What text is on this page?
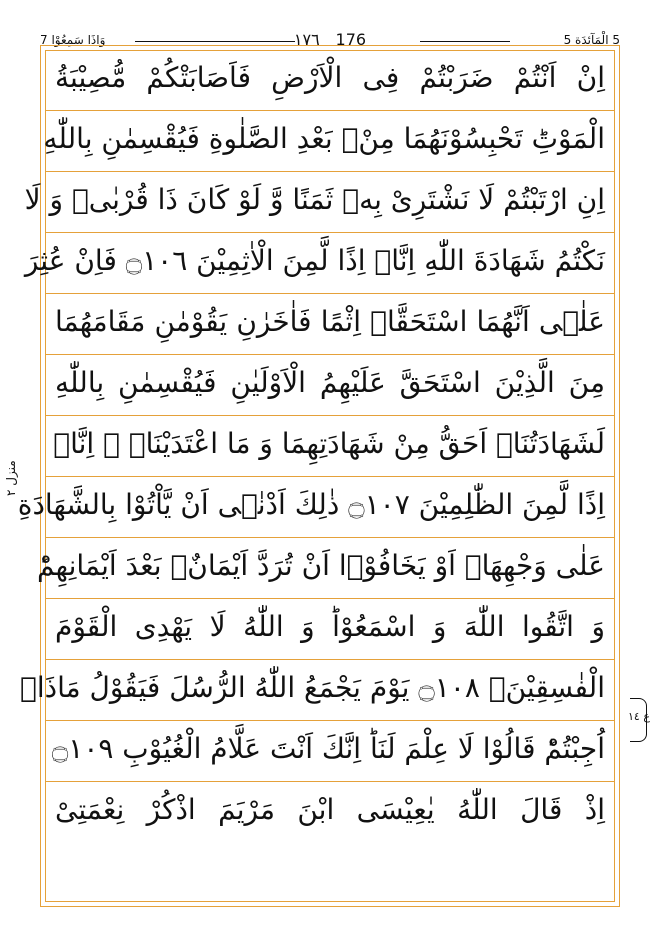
7 وَاِذَا سَمِعُوْا	١٧٦ 176	5 الْمَآئِدَة 5
اِنْ اَنْتُمْ ضَرَبْتُمْ فِی الْاَرْضِ فَاَصَابَتْكُمْ مُّصِیْبَةُ
الْمَوْتِؕ تَحْبِسُوْنَهُمَا مِنْۢ بَعْدِ الصَّلٰوةِ فَیُقْسِمٰنِ بِاللّٰهِ
اِنِ ارْتَبْتُمْ لَا نَشْتَرِیْ بِهٖ ثَمَنًا وَّ لَوْ كَانَ ذَا قُرْبٰىۙ وَ لَا
نَكْتُمُ شَهَادَةَ اللّٰهِ اِنَّاۤ اِذًا لَّمِنَ الْاٰثِمِیْنَ ۝١٠٦ فَاِنْ عُثِرَ
عَلٰۤى اَنَّهُمَا اسْتَحَقَّاۤ اِثْمًا فَاٰخَرٰنِ یَقُوْمٰنِ مَقَامَهُمَا
مِنَ الَّذِیْنَ اسْتَحَقَّ عَلَیْهِمُ الْاَوْلَیٰنِ فَیُقْسِمٰنِ بِاللّٰهِ
لَشَهَادَتُنَاۤ اَحَقُّ مِنْ شَهَادَتِهِمَا وَ مَا اعْتَدَیْنَاۤ ۖ اِنَّاۤ
اِذًا لَّمِنَ الظّٰلِمِیْنَ ۝١٠٧ ذٰلِكَ اَدْنٰۤى اَنْ یَّاْتُوْا بِالشَّهَادَةِ
عَلٰى وَجْهِهَاۤ اَوْ یَخَافُوْۤا اَنْ تُرَدَّ اَیْمَانٌۢ بَعْدَ اَیْمَانِهِمْؕ
وَ اتَّقُوا اللّٰهَ وَ اسْمَعُوْاؕ وَ اللّٰهُ لَا یَهْدِی الْقَوْمَ
الْفٰسِقِیْنَ۠ ۝١٠٨ یَوْمَ یَجْمَعُ اللّٰهُ الرُّسُلَ فَیَقُوْلُ مَاذَاۤ
اُجِبْتُمْؕ قَالُوْا لَا عِلْمَ لَنَاؕ اِنَّكَ اَنْتَ عَلَّامُ الْغُیُوْبِ ۝١٠٩
اِذْ قَالَ اللّٰهُ یٰعِیْسَى ابْنَ مَرْیَمَ اذْكُرْ نِعْمَتِیْ
منزل ٢
ع ١٤
